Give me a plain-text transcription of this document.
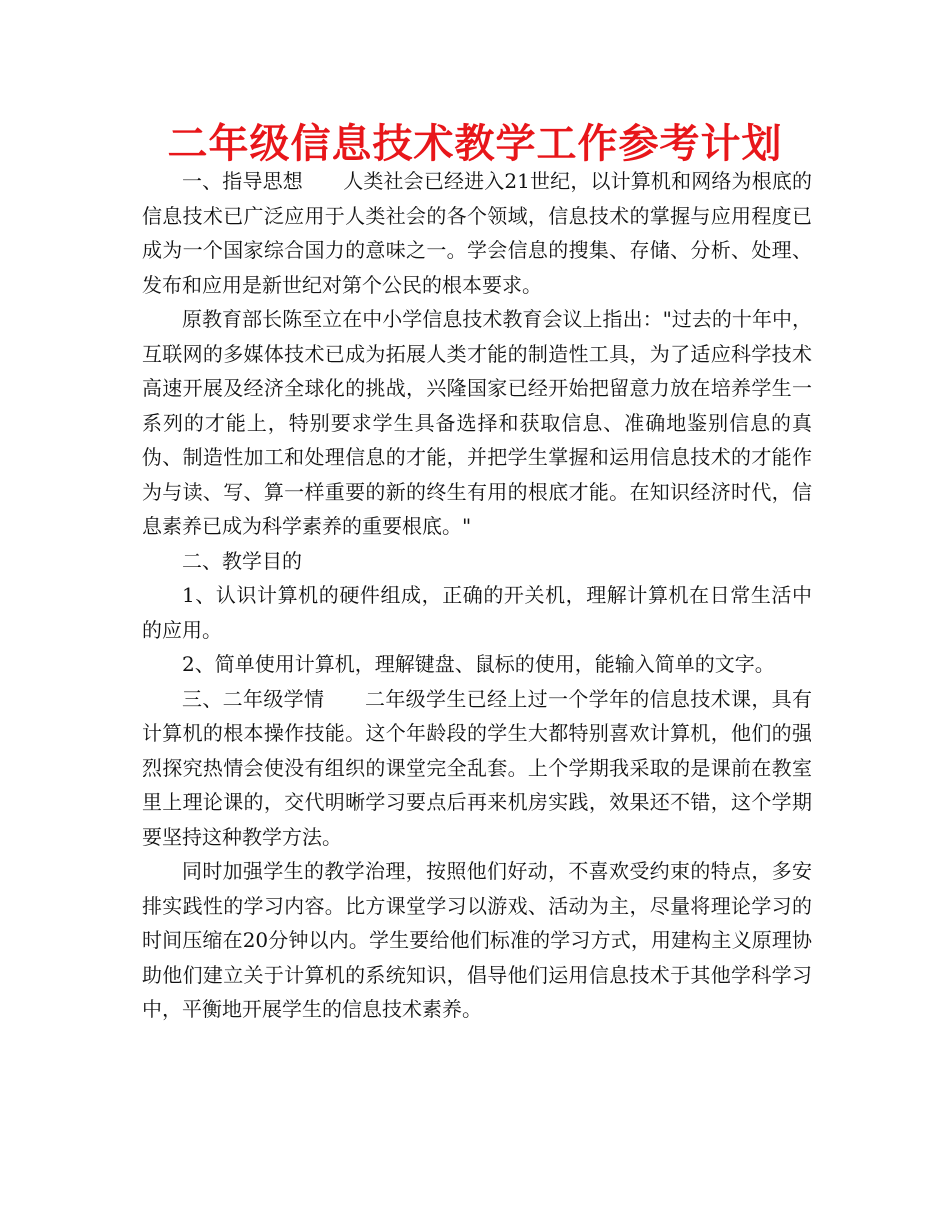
二年级信息技术教学工作参考计划

一、指导思想　　人类社会已经进入21世纪，以计算机和网络为根底的信息技术已广泛应用于人类社会的各个领域，信息技术的掌握与应用程度已成为一个国家综合国力的意味之一。学会信息的搜集、存储、分析、处理、发布和应用是新世纪对第个公民的根本要求。

原教育部长陈至立在中小学信息技术教育会议上指出："过去的十年中，互联网的多媒体技术已成为拓展人类才能的制造性工具，为了适应科学技术高速开展及经济全球化的挑战，兴隆国家已经开始把留意力放在培养学生一系列的才能上，特别要求学生具备选择和获取信息、准确地鉴别信息的真伪、制造性加工和处理信息的才能，并把学生掌握和运用信息技术的才能作为与读、写、算一样重要的新的终生有用的根底才能。在知识经济时代，信息素养已成为科学素养的重要根底。"

二、教学目的

1、认识计算机的硬件组成，正确的开关机，理解计算机在日常生活中的应用。

2、简单使用计算机，理解键盘、鼠标的使用，能输入简单的文字。

三、二年级学情　　二年级学生已经上过一个学年的信息技术课，具有计算机的根本操作技能。这个年龄段的学生大都特别喜欢计算机，他们的强烈探究热情会使没有组织的课堂完全乱套。上个学期我采取的是课前在教室里上理论课的，交代明晰学习要点后再来机房实践，效果还不错，这个学期要坚持这种教学方法。

同时加强学生的教学治理，按照他们好动，不喜欢受约束的特点，多安排实践性的学习内容。比方课堂学习以游戏、活动为主，尽量将理论学习的时间压缩在20分钟以内。学生要给他们标准的学习方式，用建构主义原理协助他们建立关于计算机的系统知识，倡导他们运用信息技术于其他学科学习中，平衡地开展学生的信息技术素养。
